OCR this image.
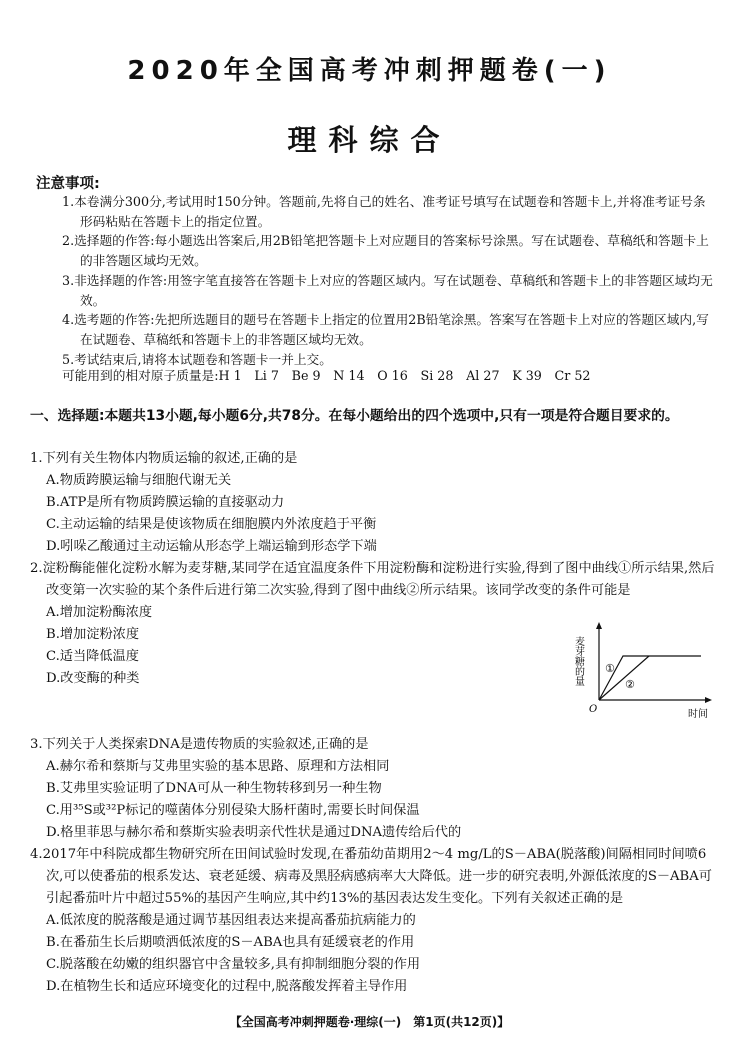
2020年全国高考冲刺押题卷(一)
理科综合
注意事项:

1.本卷满分300分,考试用时150分钟。答题前,先将自己的姓名、准考证号填写在试题卷和答题卡上,并将准考证号条形码粘贴在答题卡上的指定位置。

2.选择题的作答:每小题选出答案后,用2B铅笔把答题卡上对应题目的答案标号涂黑。写在试题卷、草稿纸和答题卡上的非答题区域均无效。

3.非选择题的作答:用签字笔直接答在答题卡上对应的答题区域内。写在试题卷、草稿纸和答题卡上的非答题区域均无效。

4.选考题的作答:先把所选题目的题号在答题卡上指定的位置用2B铅笔涂黑。答案写在答题卡上对应的答题区域内,写在试题卷、草稿纸和答题卡上的非答题区域均无效。

5.考试结束后,请将本试题卷和答题卡一并上交。

可能用到的相对原子质量是:H 1　Li 7　Be 9　N 14　O 16　Si 28　Al 27　K 39　Cr 52
一、选择题:本题共13小题,每小题6分,共78分。在每小题给出的四个选项中,只有一项是符合题目要求的。

1.下列有关生物体内物质运输的叙述,正确的是

A.物质跨膜运输与细胞代谢无关

B.ATP是所有物质跨膜运输的直接驱动力

C.主动运输的结果是使该物质在细胞膜内外浓度趋于平衡

D.吲哚乙酸通过主动运输从形态学上端运输到形态学下端

2.淀粉酶能催化淀粉水解为麦芽糖,某同学在适宜温度条件下用淀粉酶和淀粉进行实验,得到了图中曲线①所示结果,然后改变第一次实验的某个条件后进行第二次实验,得到了图中曲线②所示结果。该同学改变的条件可能是

A.增加淀粉酶浓度

B.增加淀粉浓度

C.适当降低温度

D.改变酶的种类	麦芽糖的量
O	时间
①
②

3.下列关于人类探索DNA是遗传物质的实验叙述,正确的是

A.赫尔希和蔡斯与艾弗里实验的基本思路、原理和方法相同

B.艾弗里实验证明了DNA可从一种生物转移到另一种生物

C.用³⁵S或³²P标记的噬菌体分别侵染大肠杆菌时,需要长时间保温

D.格里菲思与赫尔希和蔡斯实验表明亲代性状是通过DNA遗传给后代的

4.2017年中科院成都生物研究所在田间试验时发现,在番茄幼苗期用2～4 mg/L的S－ABA(脱落酸)间隔相同时间喷6次,可以使番茄的根系发达、衰老延缓、病毒及黑胫病感病率大大降低。进一步的研究表明,外源低浓度的S－ABA可引起番茄叶片中超过55%的基因产生响应,其中约13%的基因表达发生变化。下列有关叙述正确的是

A.低浓度的脱落酸是通过调节基因组表达来提高番茄抗病能力的

B.在番茄生长后期喷洒低浓度的S－ABA也具有延缓衰老的作用

C.脱落酸在幼嫩的组织器官中含量较多,具有抑制细胞分裂的作用

D.在植物生长和适应环境变化的过程中,脱落酸发挥着主导作用

【全国高考冲刺押题卷·理综(一)　第1页(共12页)】
